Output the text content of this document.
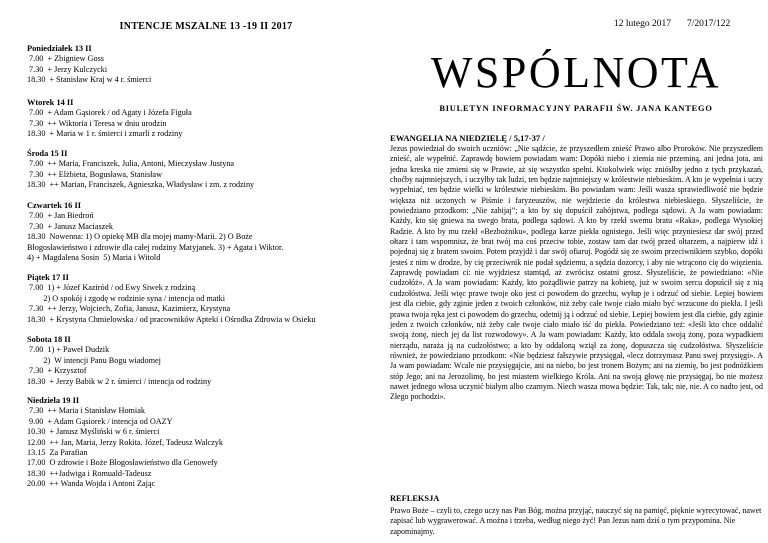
INTENCJE MSZALNE 13 -19 II 2017
Poniedziałek 13 II
7.00  + Zbigniew Goss
7.30  + Jerzy Kulczycki
18.30  + Stanisław Kraj w 4 r. śmierci
Wtorek 14 II
7.00  + Adam Gąsiorek / od Agaty i Józefa Figuła
7.30  ++ Wiktoria i Teresa w dniu urodzin
18.30  + Maria w 1 r. śmierci i zmarli z rodziny
Środa 15 II
7.00  ++ Maria, Franciszek, Julia, Antoni, Mieczysław Justyna
7.30  ++ Elżbieta, Bogusława, Stanisław
18.30  ++ Marian, Franciszek, Agnieszka, Władysław i zm. z rodziny
Czwartek 16 II
7.00  + Jan Biedroń
7.30  + Janusz Maciaszek
18.30  Nowenna: 1) O opiekę MB dla mojej mamy-Marii. 2) O Boże
Błogosławieństwo i zdrowie dla całej rodziny Matyjanek. 3) + Agata i Wiktor.
4) + Magdalena Sosin  5) Maria i Witold
Piątek 17 II
7.00  1) + Józef Kaziród / od Ewy Siwek z rodziną
2) O spokój i zgodę w rodzinie syna / intencja od matki
7.30  ++ Jerzy, Wojciech, Zofia, Janusz, Kazimierz, Krystyna
18.30  + Krystyna Chmielowska / od pracowników Apteki i Ośrodka Zdrowia w Osieku
Sobota 18 II
7.00  1) + Paweł Dudzik
2)  W intencji Panu Bogu wiadomej
7.30  + Krzysztof
18.30  + Jerzy Babik w 2 r. śmierci / intencja od rodziny
Niedziela 19 II
7.30  ++ Maria i Stanisław Homiak
9.00  + Adam Gąsiorek / intencja od OAZY
10.30  + Janusz Myśliński w 6 r. śmierci
12.00  ++ Jan, Maria, Jerzy Rokita. Józef, Tadeusz Walczyk
13.15  Za Parafian
17.00  O zdrowie i Boże Błogosławieństwo dla Genowefy
18.30  ++Jadwiga i Romuald-Tadeusz
20.00  ++ Wanda Wojda i Antoni Zając
12 lutego 2017 7/2017/122
WSPÓLNOTA
BIULETYN INFORMACYJNY PARAFII ŚW. JANA KANTEGO
EWANGELIA NA NIEDZIELĘ / 5,17-37 /
Jezus powiedział do swoich uczniów: „Nie sądźcie, że przyszedłem znieść Prawo albo Proroków. Nie przyszedłem znieść, ale wypełnić. Zaprawdę bowiem powiadam wam: Dopóki niebo i ziemia nie przeminą, ani jedna jota, ani jedna kreska nie zmieni się w Prawie, aż się wszystko spełni. Ktokolwiek więc zniósłby jedno z tych przykazań, choćby najmniejszych, i uczyłby tak ludzi, ten będzie najmniejszy w królestwie niebieskim. A kto je wypełnia i uczy wypełniać, ten będzie wielki w królestwie niebieskim. Bo powiadam wam: Jeśli wasza sprawiedliwość nie będzie większa niż uczonych w Piśmie i faryzeuszów, nie wejdziecie do królestwa niebieskiego. Słyszeliście, że powiedziano przodkom: „Nie zabijaj”; a kto by się dopuścił zabójstwa, podlega sądowi. A Ja wam powiadam: Każdy, kto się gniewa na swego brata, podlega sądowi. A kto by rzekł swemu bratu «Raka», podlega Wysokiej Radzie. A kto by mu rzekł «Bezbożniku», podlega karze piekła ognistego. Jeśli więc przyniesiesz dar swój przed ołtarz i tam wspomnisz, że brat twój ma coś przeciw tobie, zostaw tam dar twój przed ołtarzem, a najpierw idź i pojednaj się z bratem swoim. Potem przyjdź i dar swój ofiaruj. Pogódź się ze swoim przeciwnikiem szybko, dopóki jesteś z nim w drodze, by cię przeciwnik nie podał sędziemu, a sędzia dozorcy, i aby nie wtrącono cię do więzienia. Zaprawdę powiadam ci: nie wyjdziesz stamtąd, aż zwrócisz ostatni grosz. Słyszeliście, że powiedziano: «Nie cudzołóż». A Ja wam powiadam: Każdy, kto pożądliwie patrzy na kobietę, już w swoim sercu dopuścił się z nią cudzołóstwa. Jeśli więc prawe twoje oko jest ci powodem do grzechu, wyłup je i odrzuć od siebie. Lepiej bowiem jest dla ciebie, gdy zginie jeden z twoich członków, niż żeby całe twoje ciało miało być wrzucone do piekła. I jeśli prawa twoja ręka jest ci powodem do grzechu, odetnij ją i odrzuć od siebie. Lepiej bowiem jest dla ciebie, gdy zginie jeden z twoich członków, niż żeby całe twoje ciało miało iść do piekła. Powiedziano też: «Jeśli kto chce oddalić swoją żonę, niech jej da list rozwodowy». A Ja wam powiadam: Każdy, kto oddala swoją żonę, poza wypadkiem nierządu, naraża ją na cudzołóstwo; a kto by oddaloną wziął za żonę, dopuszcza się cudzołóstwa. Słyszeliście również, że powiedziano przodkom: «Nie będziesz fałszywie przysięgał, «lecz dotrzymasz Panu swej przysięgi». A Ja wam powiadam: Wcale nie przysięgajcie, ani na niebo, bo jest tronem Bożym; ani na ziemię, bo jest podnóżkiem stóp Jego; ani na Jerozolimę, bo jest miastem wielkiego Króla. Ani na swoją głowę nie przysięgaj, bo nie możesz nawet jednego włosa uczynić białym albo czarnym. Niech wasza mowa będzie: Tak, tak; nie, nie. A co nadto jest, od Złego pochodzi».
REFLEKSJA
Prawo Boże – czyli to, czego uczy nas Pan Bóg, można przyjąć, nauczyć się na pamięć, pięknie wyrecytować, nawet zapisać lub wygrawerować. A można i trzeba, według niego żyć! Pan Jezus nam dziś o tym przypomina. Nie zapominajmy.
